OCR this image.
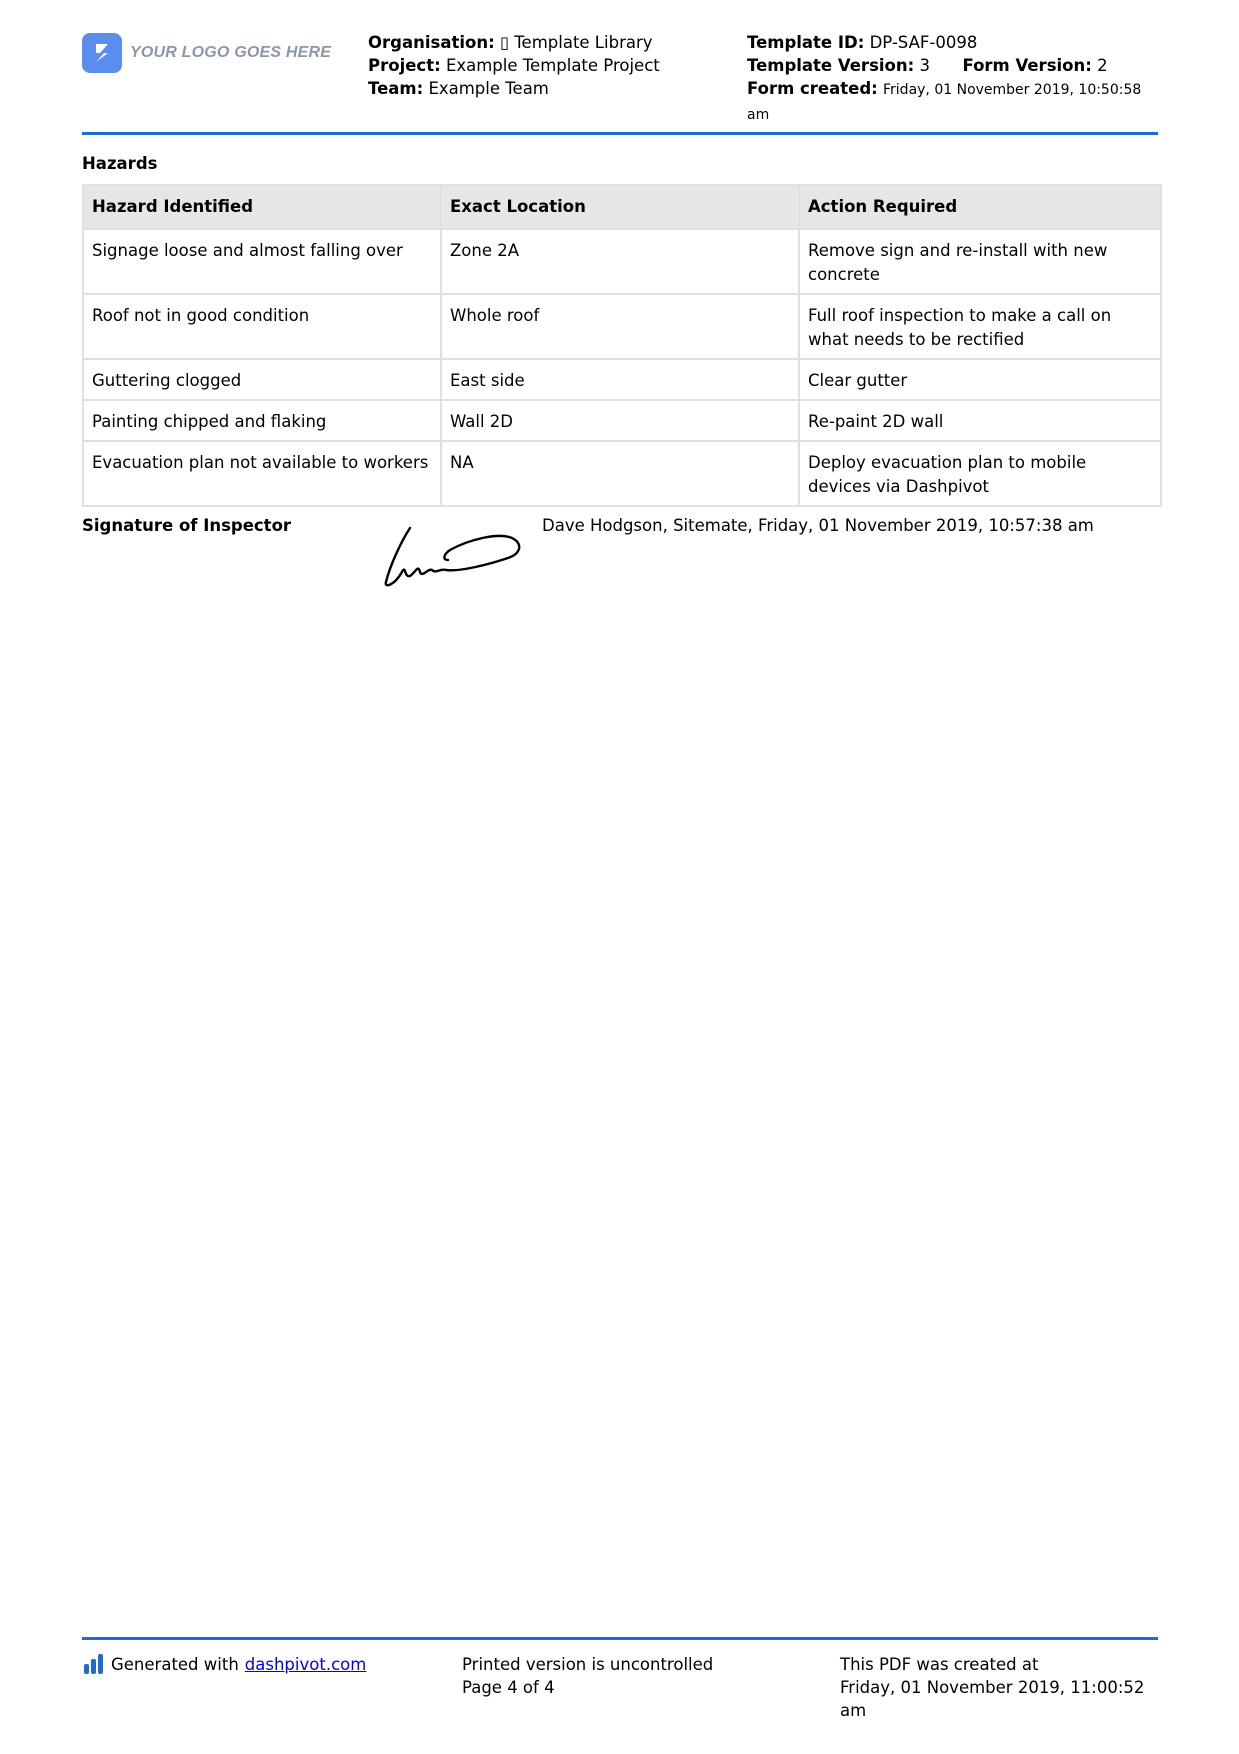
YOUR LOGO GOES HERE
Organisation: ▯ Template Library
Project: Example Template Project
Team: Example Team
Template ID: DP-SAF-0098
Template Version: 3 Form Version: 2
Form created: Friday, 01 November 2019, 10:50:58 am
Hazards
Hazard Identified	Exact Location	Action Required
Signage loose and almost falling over	Zone 2A	Remove sign and re-install with new concrete
Roof not in good condition	Whole roof	Full roof inspection to make a call on what needs to be rectified
Guttering clogged	East side	Clear gutter
Painting chipped and flaking	Wall 2D	Re-paint 2D wall
Evacuation plan not available to workers	NA	Deploy evacuation plan to mobile devices via Dashpivot
Signature of Inspector	Dave Hodgson, Sitemate, Friday, 01 November 2019, 10:57:38 am
Generated with dashpivot.com	Printed version is uncontrolled
Page 4 of 4
This PDF was created at
Friday, 01 November 2019, 11:00:52 am
